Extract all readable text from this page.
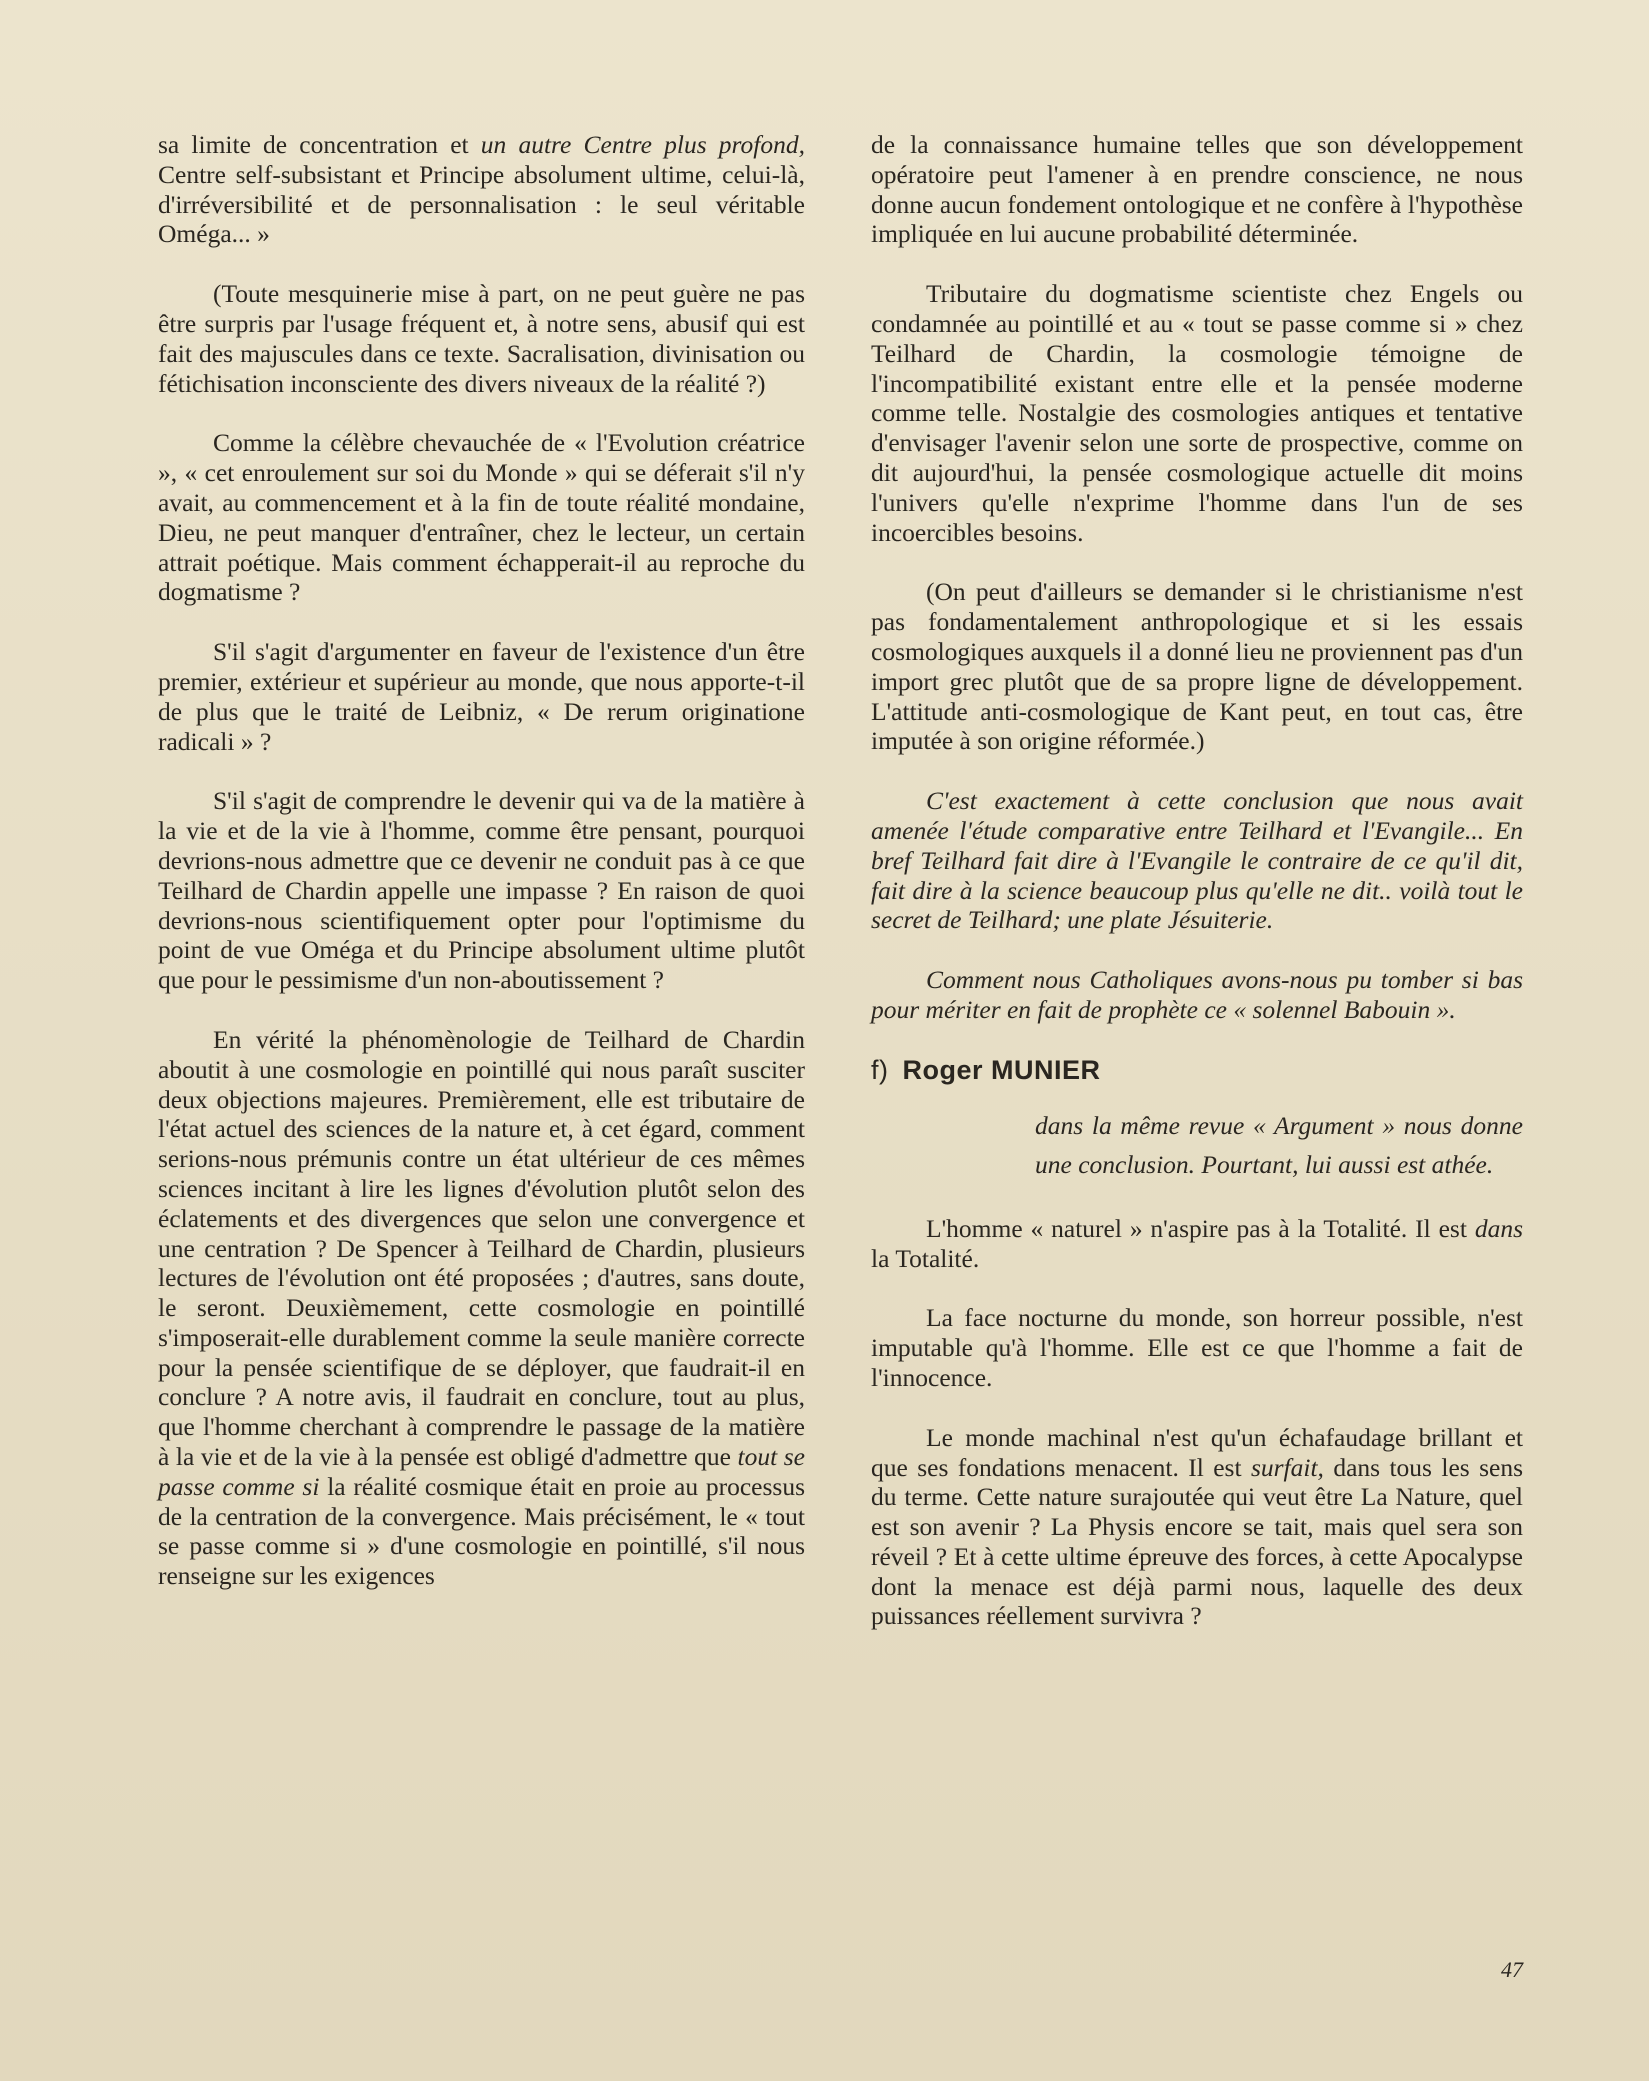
sa limite de concentration et un autre Centre plus profond, Centre self-subsistant et Principe absolument ultime, celui-là, d'irréversibilité et de personnalisation : le seul véritable Oméga... »

(Toute mesquinerie mise à part, on ne peut guère ne pas être surpris par l'usage fréquent et, à notre sens, abusif qui est fait des majuscules dans ce texte. Sacralisation, divinisation ou fétichisation inconsciente des divers niveaux de la réalité ?)

Comme la célèbre chevauchée de « l'Evolution créatrice », « cet enroulement sur soi du Monde » qui se déferait s'il n'y avait, au commencement et à la fin de toute réalité mondaine, Dieu, ne peut manquer d'entraîner, chez le lecteur, un certain attrait poétique. Mais comment échapperait-il au reproche du dogmatisme ?

S'il s'agit d'argumenter en faveur de l'existence d'un être premier, extérieur et supérieur au monde, que nous apporte-t-il de plus que le traité de Leibniz, « De rerum originatione radicali » ?

S'il s'agit de comprendre le devenir qui va de la matière à la vie et de la vie à l'homme, comme être pensant, pourquoi devrions-nous admettre que ce devenir ne conduit pas à ce que Teilhard de Chardin appelle une impasse ? En raison de quoi devrions-nous scientifiquement opter pour l'optimisme du point de vue Oméga et du Principe absolument ultime plutôt que pour le pessimisme d'un non-aboutissement ?

En vérité la phénomènologie de Teilhard de Chardin aboutit à une cosmologie en pointillé qui nous paraît susciter deux objections majeures. Premièrement, elle est tributaire de l'état actuel des sciences de la nature et, à cet égard, comment serions-nous prémunis contre un état ultérieur de ces mêmes sciences incitant à lire les lignes d'évolution plutôt selon des éclatements et des divergences que selon une convergence et une centration ? De Spencer à Teilhard de Chardin, plusieurs lectures de l'évolution ont été proposées ; d'autres, sans doute, le seront. Deuxièmement, cette cosmologie en pointillé s'imposerait-elle durablement comme la seule manière correcte pour la pensée scientifique de se déployer, que faudrait-il en conclure ? A notre avis, il faudrait en conclure, tout au plus, que l'homme cherchant à comprendre le passage de la matière à la vie et de la vie à la pensée est obligé d'admettre que tout se passe comme si la réalité cosmique était en proie au processus de la centration de la convergence. Mais précisément, le « tout se passe comme si » d'une cosmologie en pointillé, s'il nous renseigne sur les exigences

de la connaissance humaine telles que son développement opératoire peut l'amener à en prendre conscience, ne nous donne aucun fondement ontologique et ne confère à l'hypothèse impliquée en lui aucune probabilité déterminée.

Tributaire du dogmatisme scientiste chez Engels ou condamnée au pointillé et au « tout se passe comme si » chez Teilhard de Chardin, la cosmologie témoigne de l'incompatibilité existant entre elle et la pensée moderne comme telle. Nostalgie des cosmologies antiques et tentative d'envisager l'avenir selon une sorte de prospective, comme on dit aujourd'hui, la pensée cosmologique actuelle dit moins l'univers qu'elle n'exprime l'homme dans l'un de ses incoercibles besoins.

(On peut d'ailleurs se demander si le christianisme n'est pas fondamentalement anthropologique et si les essais cosmologiques auxquels il a donné lieu ne proviennent pas d'un import grec plutôt que de sa propre ligne de développement. L'attitude anti-cosmologique de Kant peut, en tout cas, être imputée à son origine réformée.)

C'est exactement à cette conclusion que nous avait amenée l'étude comparative entre Teilhard et l'Evangile... En bref Teilhard fait dire à l'Evangile le contraire de ce qu'il dit, fait dire à la science beaucoup plus qu'elle ne dit.. voilà tout le secret de Teilhard; une plate Jésuiterie.

Comment nous Catholiques avons-nous pu tomber si bas pour mériter en fait de prophète ce « solennel Babouin ».

f) Roger MUNIER

dans la même revue « Argument » nous donne une conclusion. Pourtant, lui aussi est athée.

L'homme « naturel » n'aspire pas à la Totalité. Il est dans la Totalité.

La face nocturne du monde, son horreur possible, n'est imputable qu'à l'homme. Elle est ce que l'homme a fait de l'innocence.

Le monde machinal n'est qu'un échafaudage brillant et que ses fondations menacent. Il est surfait, dans tous les sens du terme. Cette nature surajoutée qui veut être La Nature, quel est son avenir ? La Physis encore se tait, mais quel sera son réveil ? Et à cette ultime épreuve des forces, à cette Apocalypse dont la menace est déjà parmi nous, laquelle des deux puissances réellement survivra ?

47
